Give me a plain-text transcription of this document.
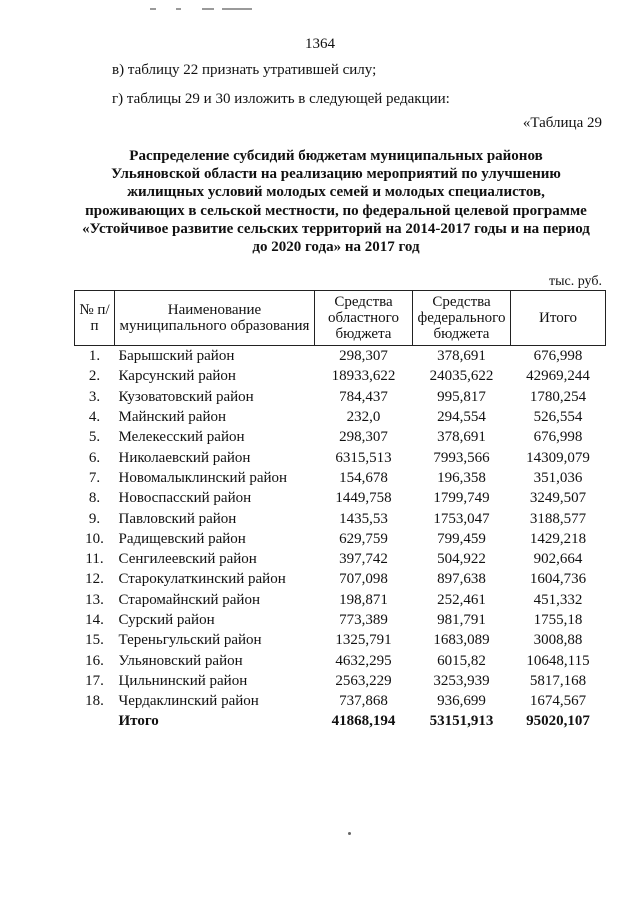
1364
в) таблицу 22 признать утратившей силу;
г) таблицы 29 и 30 изложить в следующей редакции:
«Таблица 29
Распределение субсидий бюджетам муниципальных районов
Ульяновской области на реализацию мероприятий по улучшению
жилищных условий молодых семей и молодых специалистов,
проживающих в сельской местности, по федеральной целевой программе
«Устойчивое развитие сельских территорий на 2014-2017 годы и на период
до 2020 года» на 2017 год
тыс. руб.
№ п/п	Наименование муниципального образования	Средства областного бюджета	Средства федерального бюджета	Итого
1.	Барышский район	298,307	378,691	676,998
2.	Карсунский район	18933,622	24035,622	42969,244
3.	Кузоватовский район	784,437	995,817	1780,254
4.	Майнский район	232,0	294,554	526,554
5.	Мелекесский район	298,307	378,691	676,998
6.	Николаевский район	6315,513	7993,566	14309,079
7.	Новомалыклинский район	154,678	196,358	351,036
8.	Новоспасский район	1449,758	1799,749	3249,507
9.	Павловский район	1435,53	1753,047	3188,577
10.	Радищевский район	629,759	799,459	1429,218
11.	Сенгилеевский район	397,742	504,922	902,664
12.	Старокулаткинский район	707,098	897,638	1604,736
13.	Старомайнский район	198,871	252,461	451,332
14.	Сурский район	773,389	981,791	1755,18
15.	Тереньгульский район	1325,791	1683,089	3008,88
16.	Ульяновский район	4632,295	6015,82	10648,115
17.	Цильнинский район	2563,229	3253,939	5817,168
18.	Чердаклинский район	737,868	936,699	1674,567
	Итого	41868,194	53151,913	95020,107
